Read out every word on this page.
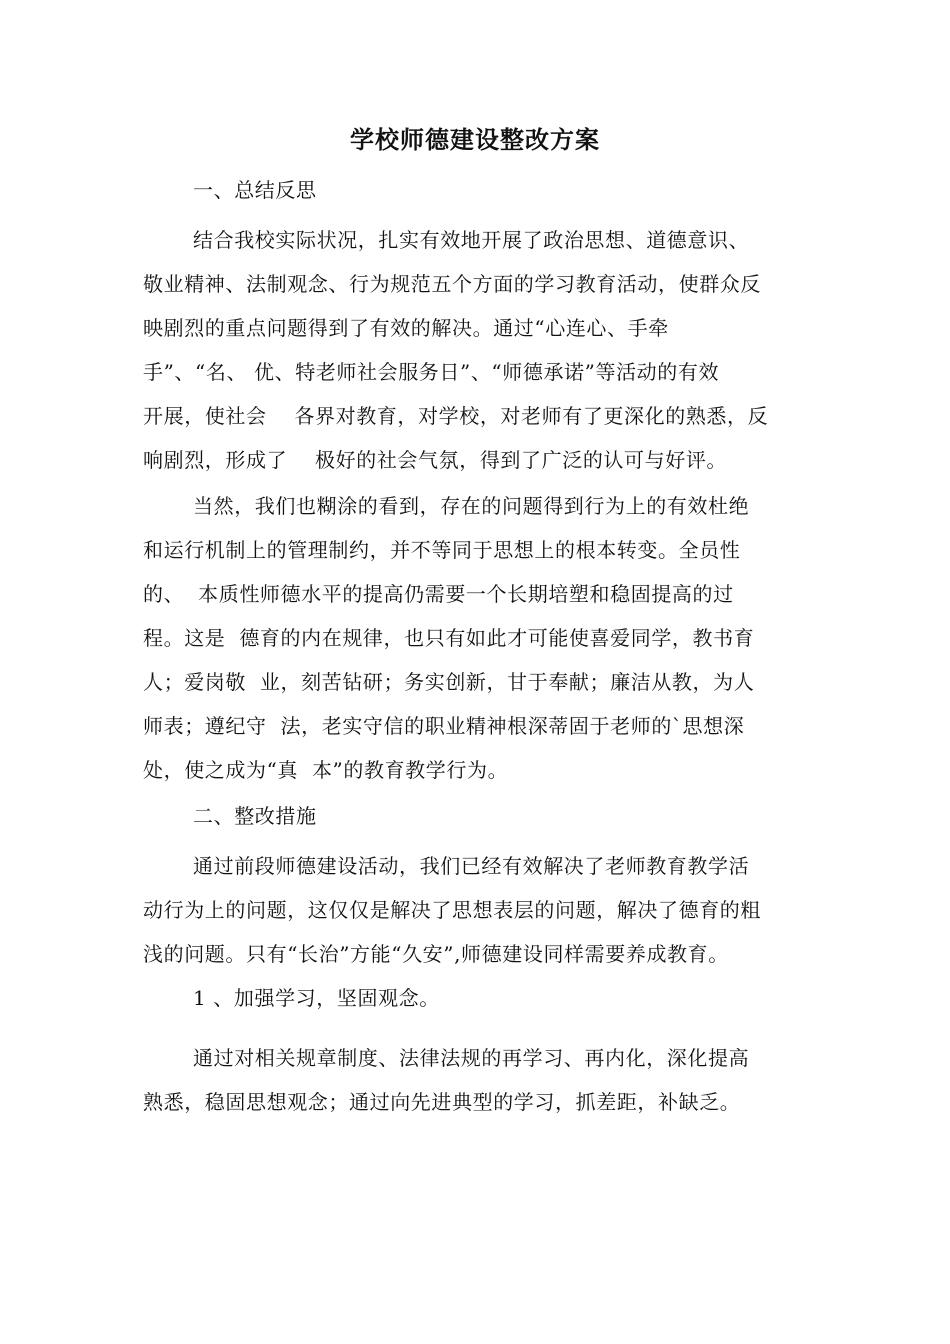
学校师德建设整改方案

一、总结反思

结合我校实际状况，扎实有效地开展了政治思想、道德意识、
敬业精神、法制观念、行为规范五个方面的学习教育活动，使群众反
映剧烈的重点问题得到了有效的解决。通过“心连心、手牵
手”、“名、 优、特老师社会服务日”、“师德承诺”等活动的有效
开展，使社会    各界对教育，对学校，对老师有了更深化的熟悉，反
响剧烈，形成了    极好的社会气氛，得到了广泛的认可与好评。

当然，我们也糊涂的看到，存在的问题得到行为上的有效杜绝
和运行机制上的管理制约，并不等同于思想上的根本转变。全员性
的、  本质性师德水平的提高仍需要一个长期培塑和稳固提高的过
程。这是  德育的内在规律，也只有如此才可能使喜爱同学，教书育
人；爱岗敬  业，刻苦钻研；务实创新，甘于奉献；廉洁从教，为人
师表；遵纪守  法，老实守信的职业精神根深蒂固于老师的`思想深
处，使之成为“真  本”的教育教学行为。

二、整改措施

通过前段师德建设活动，我们已经有效解决了老师教育教学活
动行为上的问题，这仅仅是解决了思想表层的问题，解决了德育的粗
浅的问题。只有“长治”方能“久安”,师德建设同样需要养成教育。

1 、加强学习，坚固观念。

通过对相关规章制度、法律法规的再学习、再内化，深化提高
熟悉，稳固思想观念；通过向先进典型的学习，抓差距，补缺乏。
